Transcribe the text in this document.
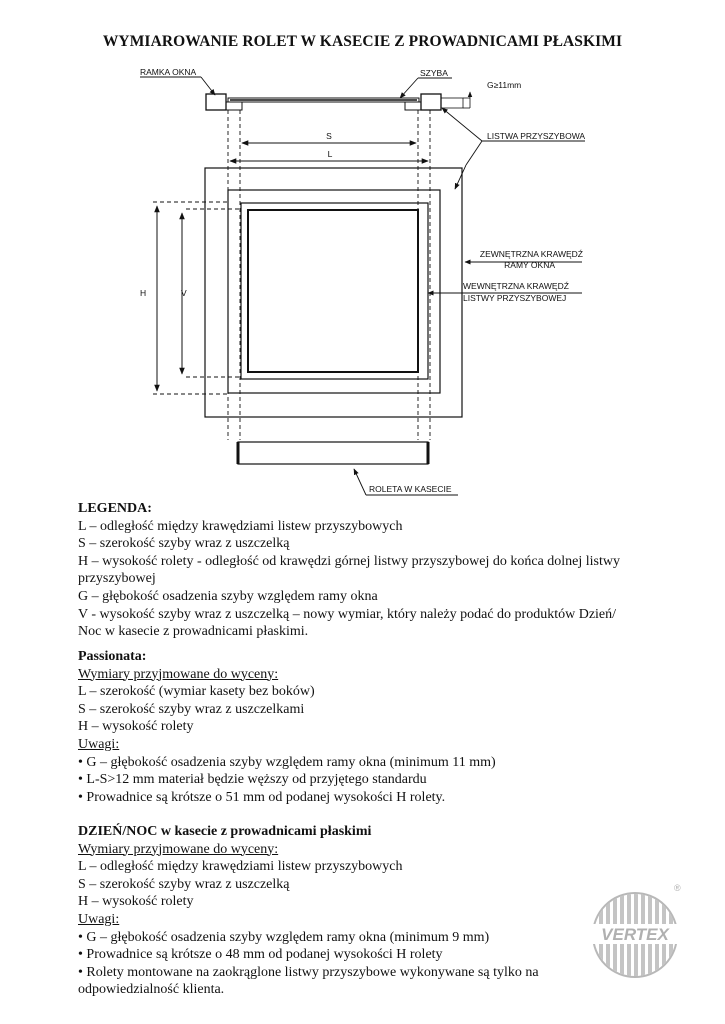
WYMIAROWANIE ROLET W KASECIE Z PROWADNICAMI PŁASKIMI
RAMKA OKNA	SZYBA
G≥11mm
LISTWA PRZYSZYBOWA
S
L
ZEWNĘTRZNA KRAWĘDŹ
RAMY OKNA
WEWNĘTRZNA KRAWĘDŹ
LISTWY PRZYSZYBOWEJ
H	V
ROLETA W KASECIE

LEGENDA:

L – odległość między krawędziami listew przyszybowych

S – szerokość szyby wraz z uszczelką

H – wysokość rolety - odległość od krawędzi górnej listwy przyszybowej do końca dolnej listwy

przyszybowej

G – głębokość osadzenia szyby względem ramy okna

V - wysokość szyby wraz z uszczelką – nowy wymiar, który należy podać do produktów Dzień/

Noc w kasecie z prowadnicami płaskimi.

Passionata:

Wymiary przyjmowane do wyceny:

L – szerokość (wymiar kasety bez boków)

S – szerokość szyby wraz z uszczelkami

H – wysokość rolety

Uwagi:

• G – głębokość osadzenia szyby względem ramy okna (minimum 11 mm)

• L-S>12 mm materiał będzie węższy od przyjętego standardu

• Prowadnice są krótsze o 51 mm od podanej wysokości H rolety.

DZIEŃ/NOC w kasecie z prowadnicami płaskimi

Wymiary przyjmowane do wyceny:

L – odległość między krawędziami listew przyszybowych

S – szerokość szyby wraz z uszczelką

H – wysokość rolety

Uwagi:

• G – głębokość osadzenia szyby względem ramy okna (minimum 9 mm)

• Prowadnice są krótsze o 48 mm od podanej wysokości H rolety

• Rolety montowane na zaokrąglone listwy przyszybowe wykonywane są tylko na

odpowiedzialność klienta.

VERTEX
®
